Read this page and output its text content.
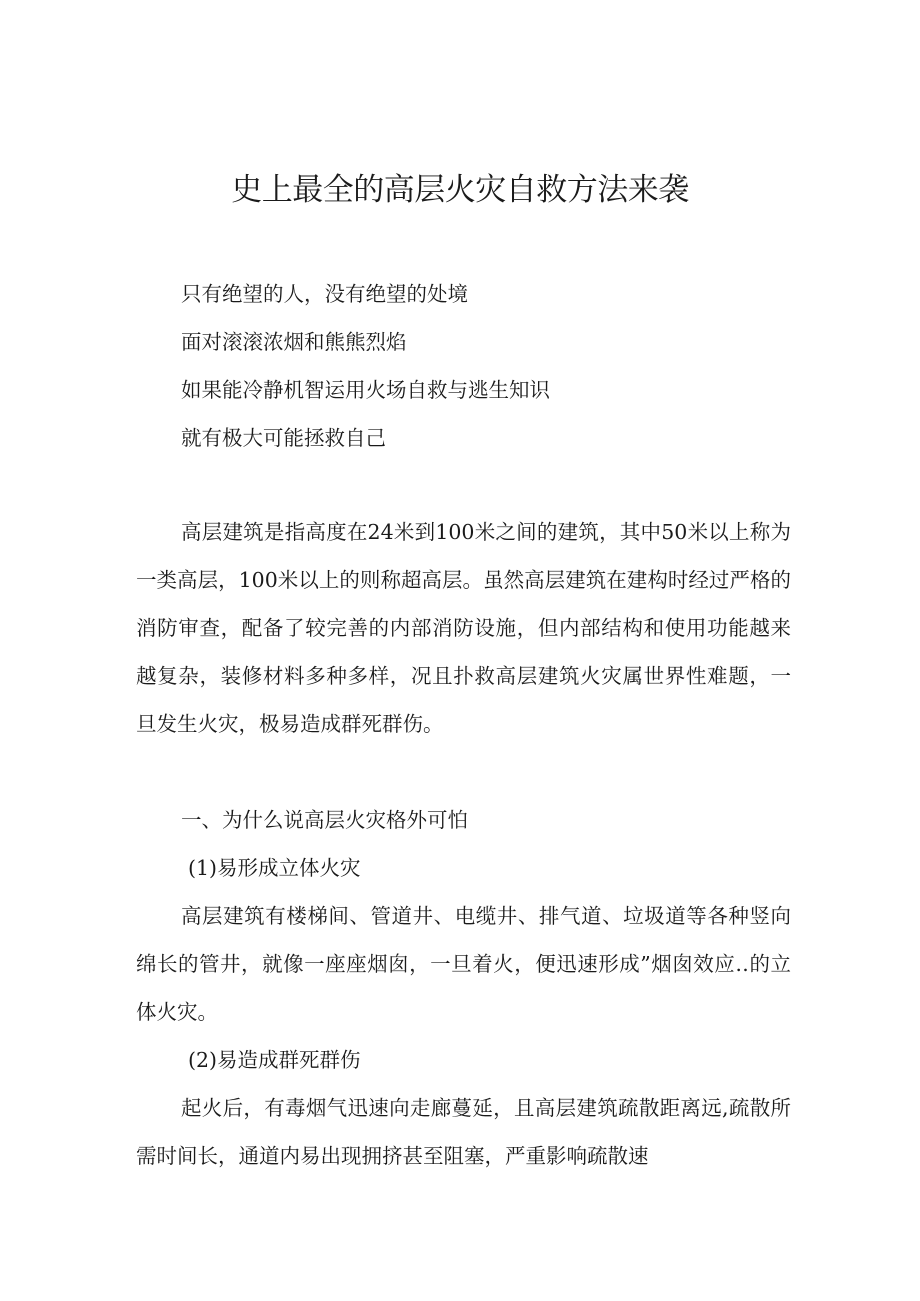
史上最全的高层火灾自救方法来袭

只有绝望的人，没有绝望的处境

面对滚滚浓烟和熊熊烈焰

如果能冷静机智运用火场自救与逃生知识

就有极大可能拯救自己

高层建筑是指高度在24米到100米之间的建筑，其中50米以上称为一类高层，100米以上的则称超高层。虽然高层建筑在建构时经过严格的消防审查，配备了较完善的内部消防设施，但内部结构和使用功能越来越复杂，装修材料多种多样，况且扑救高层建筑火灾属世界性难题，一旦发生火灾，极易造成群死群伤。

一、为什么说高层火灾格外可怕

(1)易形成立体火灾

高层建筑有楼梯间、管道井、电缆井、排气道、垃圾道等各种竖向绵长的管井，就像一座座烟囱，一旦着火，便迅速形成”烟囱效应‥的立体火灾。

(2)易造成群死群伤

起火后，有毒烟气迅速向走廊蔓延，且高层建筑疏散距离远,疏散所需时间长，通道内易出现拥挤甚至阻塞，严重影响疏散速
